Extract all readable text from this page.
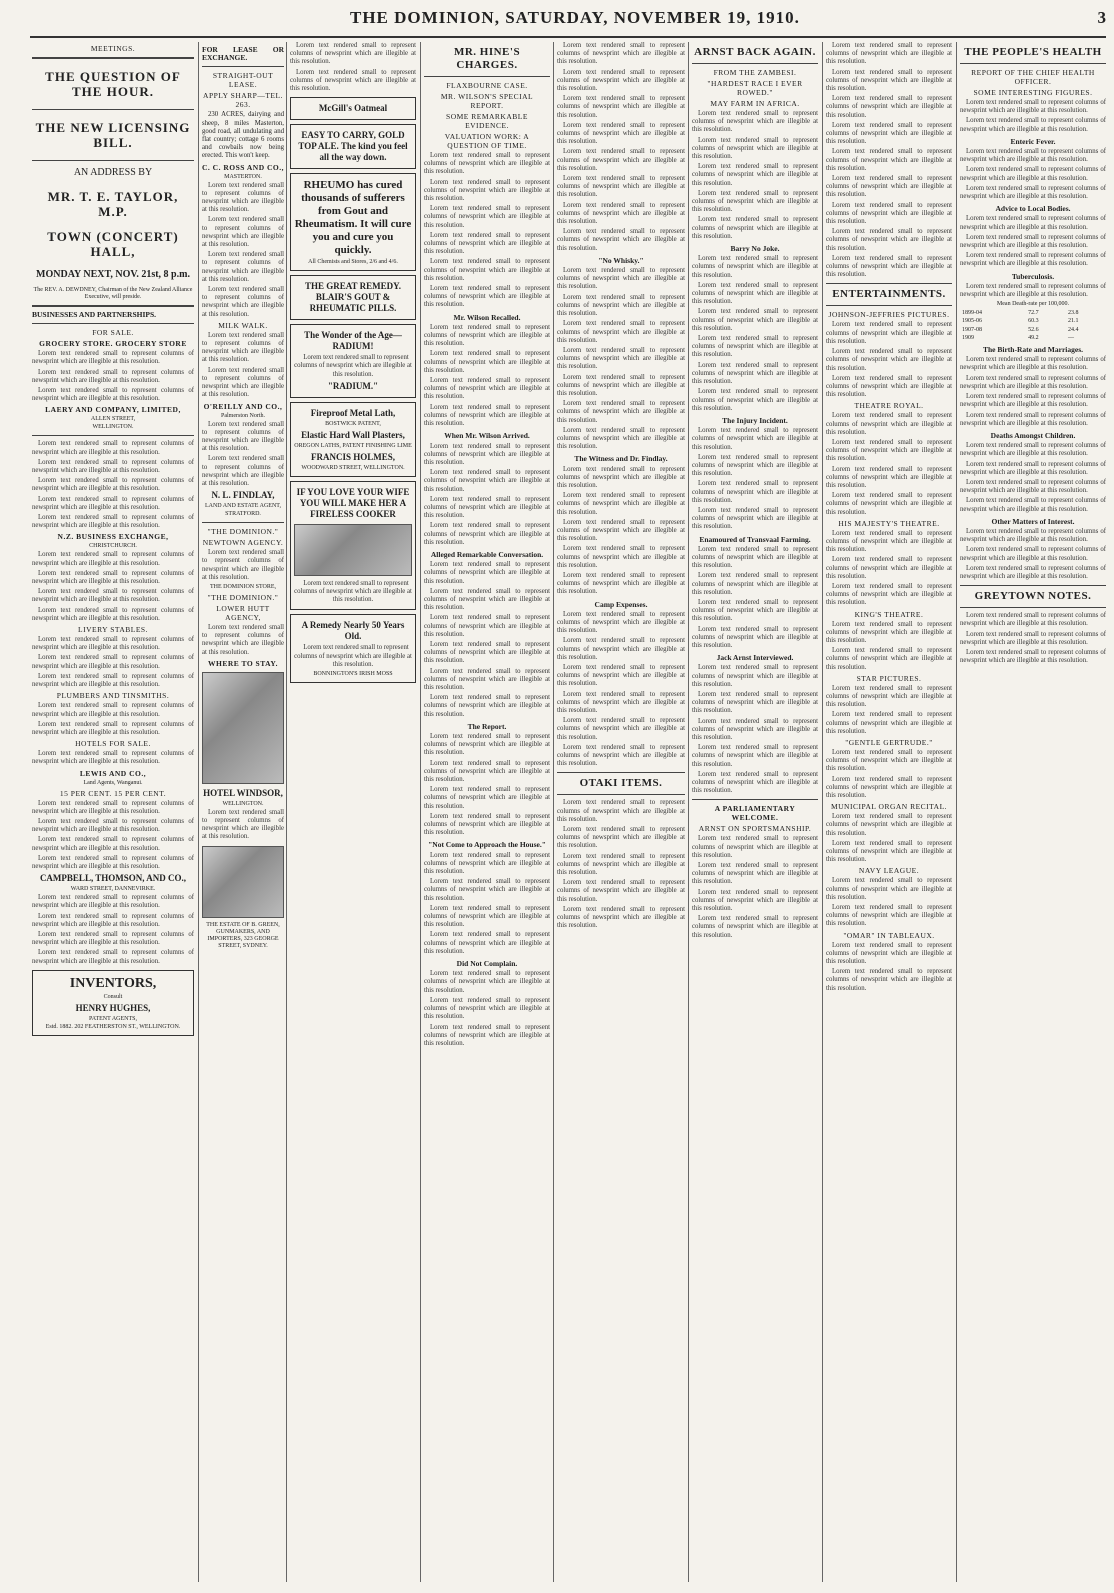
THE DOMINION, SATURDAY, NOVEMBER 19, 1910.	3
MEETINGS.
THE QUESTION OF THE HOUR.
THE NEW LICENSING BILL.
AN ADDRESS BY
MR. T. E. TAYLOR, M.P.
TOWN (CONCERT) HALL,
MONDAY NEXT, NOV. 21st, 8 p.m.
The REV. A. DEWDNEY, Chairman of the New Zealand Alliance Executive, will preside.
BUSINESSES AND PARTNERSHIPS.
FOR SALE.
GROCERY STORE. GROCERY STORE

Lorem text rendered small to represent columns of newsprint which are illegible at this resolution.

Lorem text rendered small to represent columns of newsprint which are illegible at this resolution.

Lorem text rendered small to represent columns of newsprint which are illegible at this resolution.

LAERY AND COMPANY, LIMITED,
ALLEN STREET,
WELLINGTON.

Lorem text rendered small to represent columns of newsprint which are illegible at this resolution.

Lorem text rendered small to represent columns of newsprint which are illegible at this resolution.

Lorem text rendered small to represent columns of newsprint which are illegible at this resolution.

Lorem text rendered small to represent columns of newsprint which are illegible at this resolution.

Lorem text rendered small to represent columns of newsprint which are illegible at this resolution.

N.Z. BUSINESS EXCHANGE,
CHRISTCHURCH.

Lorem text rendered small to represent columns of newsprint which are illegible at this resolution.

Lorem text rendered small to represent columns of newsprint which are illegible at this resolution.

Lorem text rendered small to represent columns of newsprint which are illegible at this resolution.

Lorem text rendered small to represent columns of newsprint which are illegible at this resolution.

LIVERY STABLES.

Lorem text rendered small to represent columns of newsprint which are illegible at this resolution.

Lorem text rendered small to represent columns of newsprint which are illegible at this resolution.

Lorem text rendered small to represent columns of newsprint which are illegible at this resolution.

PLUMBERS AND TINSMITHS.

Lorem text rendered small to represent columns of newsprint which are illegible at this resolution.

Lorem text rendered small to represent columns of newsprint which are illegible at this resolution.

HOTELS FOR SALE.

Lorem text rendered small to represent columns of newsprint which are illegible at this resolution.

LEWIS AND CO.,
Land Agents, Wanganui.
15 PER CENT. 15 PER CENT.

Lorem text rendered small to represent columns of newsprint which are illegible at this resolution.

Lorem text rendered small to represent columns of newsprint which are illegible at this resolution.

Lorem text rendered small to represent columns of newsprint which are illegible at this resolution.

Lorem text rendered small to represent columns of newsprint which are illegible at this resolution.

CAMPBELL, THOMSON, AND CO.,
WARD STREET, DANNEVIRKE.

Lorem text rendered small to represent columns of newsprint which are illegible at this resolution.

Lorem text rendered small to represent columns of newsprint which are illegible at this resolution.

Lorem text rendered small to represent columns of newsprint which are illegible at this resolution.

Lorem text rendered small to represent columns of newsprint which are illegible at this resolution.

INVENTORS,
Consult
HENRY HUGHES,
PATENT AGENTS,
Estd. 1882. 202 FEATHERSTON ST., WELLINGTON.
FOR LEASE OR EXCHANGE.
STRAIGHT-OUT LEASE.
APPLY SHARP—TEL. 263.

230 ACRES, dairying and sheep, 8 miles Masterton, good road, all undulating and flat country; cottage 6 rooms and cowbails now being erected. This won't keep.

C. C. ROSS AND CO.,
MASTERTON.

Lorem text rendered small to represent columns of newsprint which are illegible at this resolution.

Lorem text rendered small to represent columns of newsprint which are illegible at this resolution.

Lorem text rendered small to represent columns of newsprint which are illegible at this resolution.

Lorem text rendered small to represent columns of newsprint which are illegible at this resolution.

MILK WALK.

Lorem text rendered small to represent columns of newsprint which are illegible at this resolution.

Lorem text rendered small to represent columns of newsprint which are illegible at this resolution.

O'REILLY AND CO.,
Palmerston North.

Lorem text rendered small to represent columns of newsprint which are illegible at this resolution.

Lorem text rendered small to represent columns of newsprint which are illegible at this resolution.

N. L. FINDLAY,
LAND AND ESTATE AGENT,
STRATFORD.
"THE DOMINION."
NEWTOWN AGENCY.

Lorem text rendered small to represent columns of newsprint which are illegible at this resolution.

THE DOMINION STORE,
"THE DOMINION."
LOWER HUTT AGENCY,

Lorem text rendered small to represent columns of newsprint which are illegible at this resolution.

WHERE TO STAY.
HOTEL WINDSOR,
WELLINGTON.

Lorem text rendered small to represent columns of newsprint which are illegible at this resolution.

THE ESTATE OF B. GREEN, GUNMAKERS, AND IMPORTERS, 323 GEORGE STREET, SYDNEY.

Lorem text rendered small to represent columns of newsprint which are illegible at this resolution.

Lorem text rendered small to represent columns of newsprint which are illegible at this resolution.

McGill's Oatmeal
EASY TO CARRY, GOLD TOP ALE. The kind you feel all the way down.
RHEUMO has cured thousands of sufferers from Gout and Rheumatism. It will cure you and cure you quickly.
All Chemists and Stores, 2/6 and 4/6.
THE GREAT REMEDY. BLAIR'S GOUT & RHEUMATIC PILLS.
The Wonder of the Age— RADIUM!

Lorem text rendered small to represent columns of newsprint which are illegible at this resolution.

"RADIUM."
Fireproof Metal Lath,
BOSTWICK PATENT,
Elastic Hard Wall Plasters,
OREGON LATHS, PATENT FINISHING LIME
FRANCIS HOLMES,
WOODWARD STREET, WELLINGTON.
IF YOU LOVE YOUR WIFE YOU WILL MAKE HER A FIRELESS COOKER

Lorem text rendered small to represent columns of newsprint which are illegible at this resolution.

A Remedy Nearly 50 Years Old.

Lorem text rendered small to represent columns of newsprint which are illegible at this resolution.

BONNINGTON'S IRISH MOSS
MR. HINE'S CHARGES.
FLAXBOURNE CASE.
MR. WILSON'S SPECIAL REPORT.
SOME REMARKABLE EVIDENCE.
VALUATION WORK: A QUESTION OF TIME.

Lorem text rendered small to represent columns of newsprint which are illegible at this resolution.

Lorem text rendered small to represent columns of newsprint which are illegible at this resolution.

Lorem text rendered small to represent columns of newsprint which are illegible at this resolution.

Lorem text rendered small to represent columns of newsprint which are illegible at this resolution.

Lorem text rendered small to represent columns of newsprint which are illegible at this resolution.

Lorem text rendered small to represent columns of newsprint which are illegible at this resolution.

Mr. Wilson Recalled.

Lorem text rendered small to represent columns of newsprint which are illegible at this resolution.

Lorem text rendered small to represent columns of newsprint which are illegible at this resolution.

Lorem text rendered small to represent columns of newsprint which are illegible at this resolution.

Lorem text rendered small to represent columns of newsprint which are illegible at this resolution.

When Mr. Wilson Arrived.

Lorem text rendered small to represent columns of newsprint which are illegible at this resolution.

Lorem text rendered small to represent columns of newsprint which are illegible at this resolution.

Lorem text rendered small to represent columns of newsprint which are illegible at this resolution.

Lorem text rendered small to represent columns of newsprint which are illegible at this resolution.

Alleged Remarkable Conversation.

Lorem text rendered small to represent columns of newsprint which are illegible at this resolution.

Lorem text rendered small to represent columns of newsprint which are illegible at this resolution.

Lorem text rendered small to represent columns of newsprint which are illegible at this resolution.

Lorem text rendered small to represent columns of newsprint which are illegible at this resolution.

Lorem text rendered small to represent columns of newsprint which are illegible at this resolution.

Lorem text rendered small to represent columns of newsprint which are illegible at this resolution.

The Report.

Lorem text rendered small to represent columns of newsprint which are illegible at this resolution.

Lorem text rendered small to represent columns of newsprint which are illegible at this resolution.

Lorem text rendered small to represent columns of newsprint which are illegible at this resolution.

Lorem text rendered small to represent columns of newsprint which are illegible at this resolution.

"Not Come to Approach the House."

Lorem text rendered small to represent columns of newsprint which are illegible at this resolution.

Lorem text rendered small to represent columns of newsprint which are illegible at this resolution.

Lorem text rendered small to represent columns of newsprint which are illegible at this resolution.

Lorem text rendered small to represent columns of newsprint which are illegible at this resolution.

Did Not Complain.

Lorem text rendered small to represent columns of newsprint which are illegible at this resolution.

Lorem text rendered small to represent columns of newsprint which are illegible at this resolution.

Lorem text rendered small to represent columns of newsprint which are illegible at this resolution.

Lorem text rendered small to represent columns of newsprint which are illegible at this resolution.

Lorem text rendered small to represent columns of newsprint which are illegible at this resolution.

Lorem text rendered small to represent columns of newsprint which are illegible at this resolution.

Lorem text rendered small to represent columns of newsprint which are illegible at this resolution.

Lorem text rendered small to represent columns of newsprint which are illegible at this resolution.

Lorem text rendered small to represent columns of newsprint which are illegible at this resolution.

Lorem text rendered small to represent columns of newsprint which are illegible at this resolution.

Lorem text rendered small to represent columns of newsprint which are illegible at this resolution.

"No Whisky."

Lorem text rendered small to represent columns of newsprint which are illegible at this resolution.

Lorem text rendered small to represent columns of newsprint which are illegible at this resolution.

Lorem text rendered small to represent columns of newsprint which are illegible at this resolution.

Lorem text rendered small to represent columns of newsprint which are illegible at this resolution.

Lorem text rendered small to represent columns of newsprint which are illegible at this resolution.

Lorem text rendered small to represent columns of newsprint which are illegible at this resolution.

Lorem text rendered small to represent columns of newsprint which are illegible at this resolution.

The Witness and Dr. Findlay.

Lorem text rendered small to represent columns of newsprint which are illegible at this resolution.

Lorem text rendered small to represent columns of newsprint which are illegible at this resolution.

Lorem text rendered small to represent columns of newsprint which are illegible at this resolution.

Lorem text rendered small to represent columns of newsprint which are illegible at this resolution.

Lorem text rendered small to represent columns of newsprint which are illegible at this resolution.

Camp Expenses.

Lorem text rendered small to represent columns of newsprint which are illegible at this resolution.

Lorem text rendered small to represent columns of newsprint which are illegible at this resolution.

Lorem text rendered small to represent columns of newsprint which are illegible at this resolution.

Lorem text rendered small to represent columns of newsprint which are illegible at this resolution.

Lorem text rendered small to represent columns of newsprint which are illegible at this resolution.

Lorem text rendered small to represent columns of newsprint which are illegible at this resolution.

OTAKI ITEMS.

Lorem text rendered small to represent columns of newsprint which are illegible at this resolution.

Lorem text rendered small to represent columns of newsprint which are illegible at this resolution.

Lorem text rendered small to represent columns of newsprint which are illegible at this resolution.

Lorem text rendered small to represent columns of newsprint which are illegible at this resolution.

Lorem text rendered small to represent columns of newsprint which are illegible at this resolution.

ARNST BACK AGAIN.
FROM THE ZAMBESI.
"HARDEST RACE I EVER ROWED."
MAY FARM IN AFRICA.

Lorem text rendered small to represent columns of newsprint which are illegible at this resolution.

Lorem text rendered small to represent columns of newsprint which are illegible at this resolution.

Lorem text rendered small to represent columns of newsprint which are illegible at this resolution.

Lorem text rendered small to represent columns of newsprint which are illegible at this resolution.

Lorem text rendered small to represent columns of newsprint which are illegible at this resolution.

Barry No Joke.

Lorem text rendered small to represent columns of newsprint which are illegible at this resolution.

Lorem text rendered small to represent columns of newsprint which are illegible at this resolution.

Lorem text rendered small to represent columns of newsprint which are illegible at this resolution.

Lorem text rendered small to represent columns of newsprint which are illegible at this resolution.

Lorem text rendered small to represent columns of newsprint which are illegible at this resolution.

Lorem text rendered small to represent columns of newsprint which are illegible at this resolution.

The Injury Incident.

Lorem text rendered small to represent columns of newsprint which are illegible at this resolution.

Lorem text rendered small to represent columns of newsprint which are illegible at this resolution.

Lorem text rendered small to represent columns of newsprint which are illegible at this resolution.

Lorem text rendered small to represent columns of newsprint which are illegible at this resolution.

Enamoured of Transvaal Farming.

Lorem text rendered small to represent columns of newsprint which are illegible at this resolution.

Lorem text rendered small to represent columns of newsprint which are illegible at this resolution.

Lorem text rendered small to represent columns of newsprint which are illegible at this resolution.

Lorem text rendered small to represent columns of newsprint which are illegible at this resolution.

Jack Arnst Interviewed.

Lorem text rendered small to represent columns of newsprint which are illegible at this resolution.

Lorem text rendered small to represent columns of newsprint which are illegible at this resolution.

Lorem text rendered small to represent columns of newsprint which are illegible at this resolution.

Lorem text rendered small to represent columns of newsprint which are illegible at this resolution.

Lorem text rendered small to represent columns of newsprint which are illegible at this resolution.

A PARLIAMENTARY WELCOME.
ARNST ON SPORTSMANSHIP.

Lorem text rendered small to represent columns of newsprint which are illegible at this resolution.

Lorem text rendered small to represent columns of newsprint which are illegible at this resolution.

Lorem text rendered small to represent columns of newsprint which are illegible at this resolution.

Lorem text rendered small to represent columns of newsprint which are illegible at this resolution.

Lorem text rendered small to represent columns of newsprint which are illegible at this resolution.

Lorem text rendered small to represent columns of newsprint which are illegible at this resolution.

Lorem text rendered small to represent columns of newsprint which are illegible at this resolution.

Lorem text rendered small to represent columns of newsprint which are illegible at this resolution.

Lorem text rendered small to represent columns of newsprint which are illegible at this resolution.

Lorem text rendered small to represent columns of newsprint which are illegible at this resolution.

Lorem text rendered small to represent columns of newsprint which are illegible at this resolution.

Lorem text rendered small to represent columns of newsprint which are illegible at this resolution.

Lorem text rendered small to represent columns of newsprint which are illegible at this resolution.

ENTERTAINMENTS.
JOHNSON-JEFFRIES PICTURES.

Lorem text rendered small to represent columns of newsprint which are illegible at this resolution.

Lorem text rendered small to represent columns of newsprint which are illegible at this resolution.

Lorem text rendered small to represent columns of newsprint which are illegible at this resolution.

THEATRE ROYAL.

Lorem text rendered small to represent columns of newsprint which are illegible at this resolution.

Lorem text rendered small to represent columns of newsprint which are illegible at this resolution.

Lorem text rendered small to represent columns of newsprint which are illegible at this resolution.

Lorem text rendered small to represent columns of newsprint which are illegible at this resolution.

HIS MAJESTY'S THEATRE.

Lorem text rendered small to represent columns of newsprint which are illegible at this resolution.

Lorem text rendered small to represent columns of newsprint which are illegible at this resolution.

Lorem text rendered small to represent columns of newsprint which are illegible at this resolution.

KING'S THEATRE.

Lorem text rendered small to represent columns of newsprint which are illegible at this resolution.

Lorem text rendered small to represent columns of newsprint which are illegible at this resolution.

STAR PICTURES.

Lorem text rendered small to represent columns of newsprint which are illegible at this resolution.

Lorem text rendered small to represent columns of newsprint which are illegible at this resolution.

"GENTLE GERTRUDE."

Lorem text rendered small to represent columns of newsprint which are illegible at this resolution.

Lorem text rendered small to represent columns of newsprint which are illegible at this resolution.

MUNICIPAL ORGAN RECITAL.

Lorem text rendered small to represent columns of newsprint which are illegible at this resolution.

Lorem text rendered small to represent columns of newsprint which are illegible at this resolution.

NAVY LEAGUE.

Lorem text rendered small to represent columns of newsprint which are illegible at this resolution.

Lorem text rendered small to represent columns of newsprint which are illegible at this resolution.

"OMAR" IN TABLEAUX.

Lorem text rendered small to represent columns of newsprint which are illegible at this resolution.

Lorem text rendered small to represent columns of newsprint which are illegible at this resolution.

THE PEOPLE'S HEALTH
REPORT OF THE CHIEF HEALTH OFFICER.
SOME INTERESTING FIGURES.

Lorem text rendered small to represent columns of newsprint which are illegible at this resolution.

Lorem text rendered small to represent columns of newsprint which are illegible at this resolution.

Enteric Fever.

Lorem text rendered small to represent columns of newsprint which are illegible at this resolution.

Lorem text rendered small to represent columns of newsprint which are illegible at this resolution.

Lorem text rendered small to represent columns of newsprint which are illegible at this resolution.

Advice to Local Bodies.

Lorem text rendered small to represent columns of newsprint which are illegible at this resolution.

Lorem text rendered small to represent columns of newsprint which are illegible at this resolution.

Lorem text rendered small to represent columns of newsprint which are illegible at this resolution.

Tuberculosis.

Lorem text rendered small to represent columns of newsprint which are illegible at this resolution.

Mean Death-rate per 100,000.
1899-04	72.7	23.8
1905-06	60.3	21.1
1907-08	52.6	24.4
1909	49.2	—
The Birth-Rate and Marriages.

Lorem text rendered small to represent columns of newsprint which are illegible at this resolution.

Lorem text rendered small to represent columns of newsprint which are illegible at this resolution.

Lorem text rendered small to represent columns of newsprint which are illegible at this resolution.

Lorem text rendered small to represent columns of newsprint which are illegible at this resolution.

Deaths Amongst Children.

Lorem text rendered small to represent columns of newsprint which are illegible at this resolution.

Lorem text rendered small to represent columns of newsprint which are illegible at this resolution.

Lorem text rendered small to represent columns of newsprint which are illegible at this resolution.

Lorem text rendered small to represent columns of newsprint which are illegible at this resolution.

Other Matters of Interest.

Lorem text rendered small to represent columns of newsprint which are illegible at this resolution.

Lorem text rendered small to represent columns of newsprint which are illegible at this resolution.

Lorem text rendered small to represent columns of newsprint which are illegible at this resolution.

GREYTOWN NOTES.

Lorem text rendered small to represent columns of newsprint which are illegible at this resolution.

Lorem text rendered small to represent columns of newsprint which are illegible at this resolution.

Lorem text rendered small to represent columns of newsprint which are illegible at this resolution.
